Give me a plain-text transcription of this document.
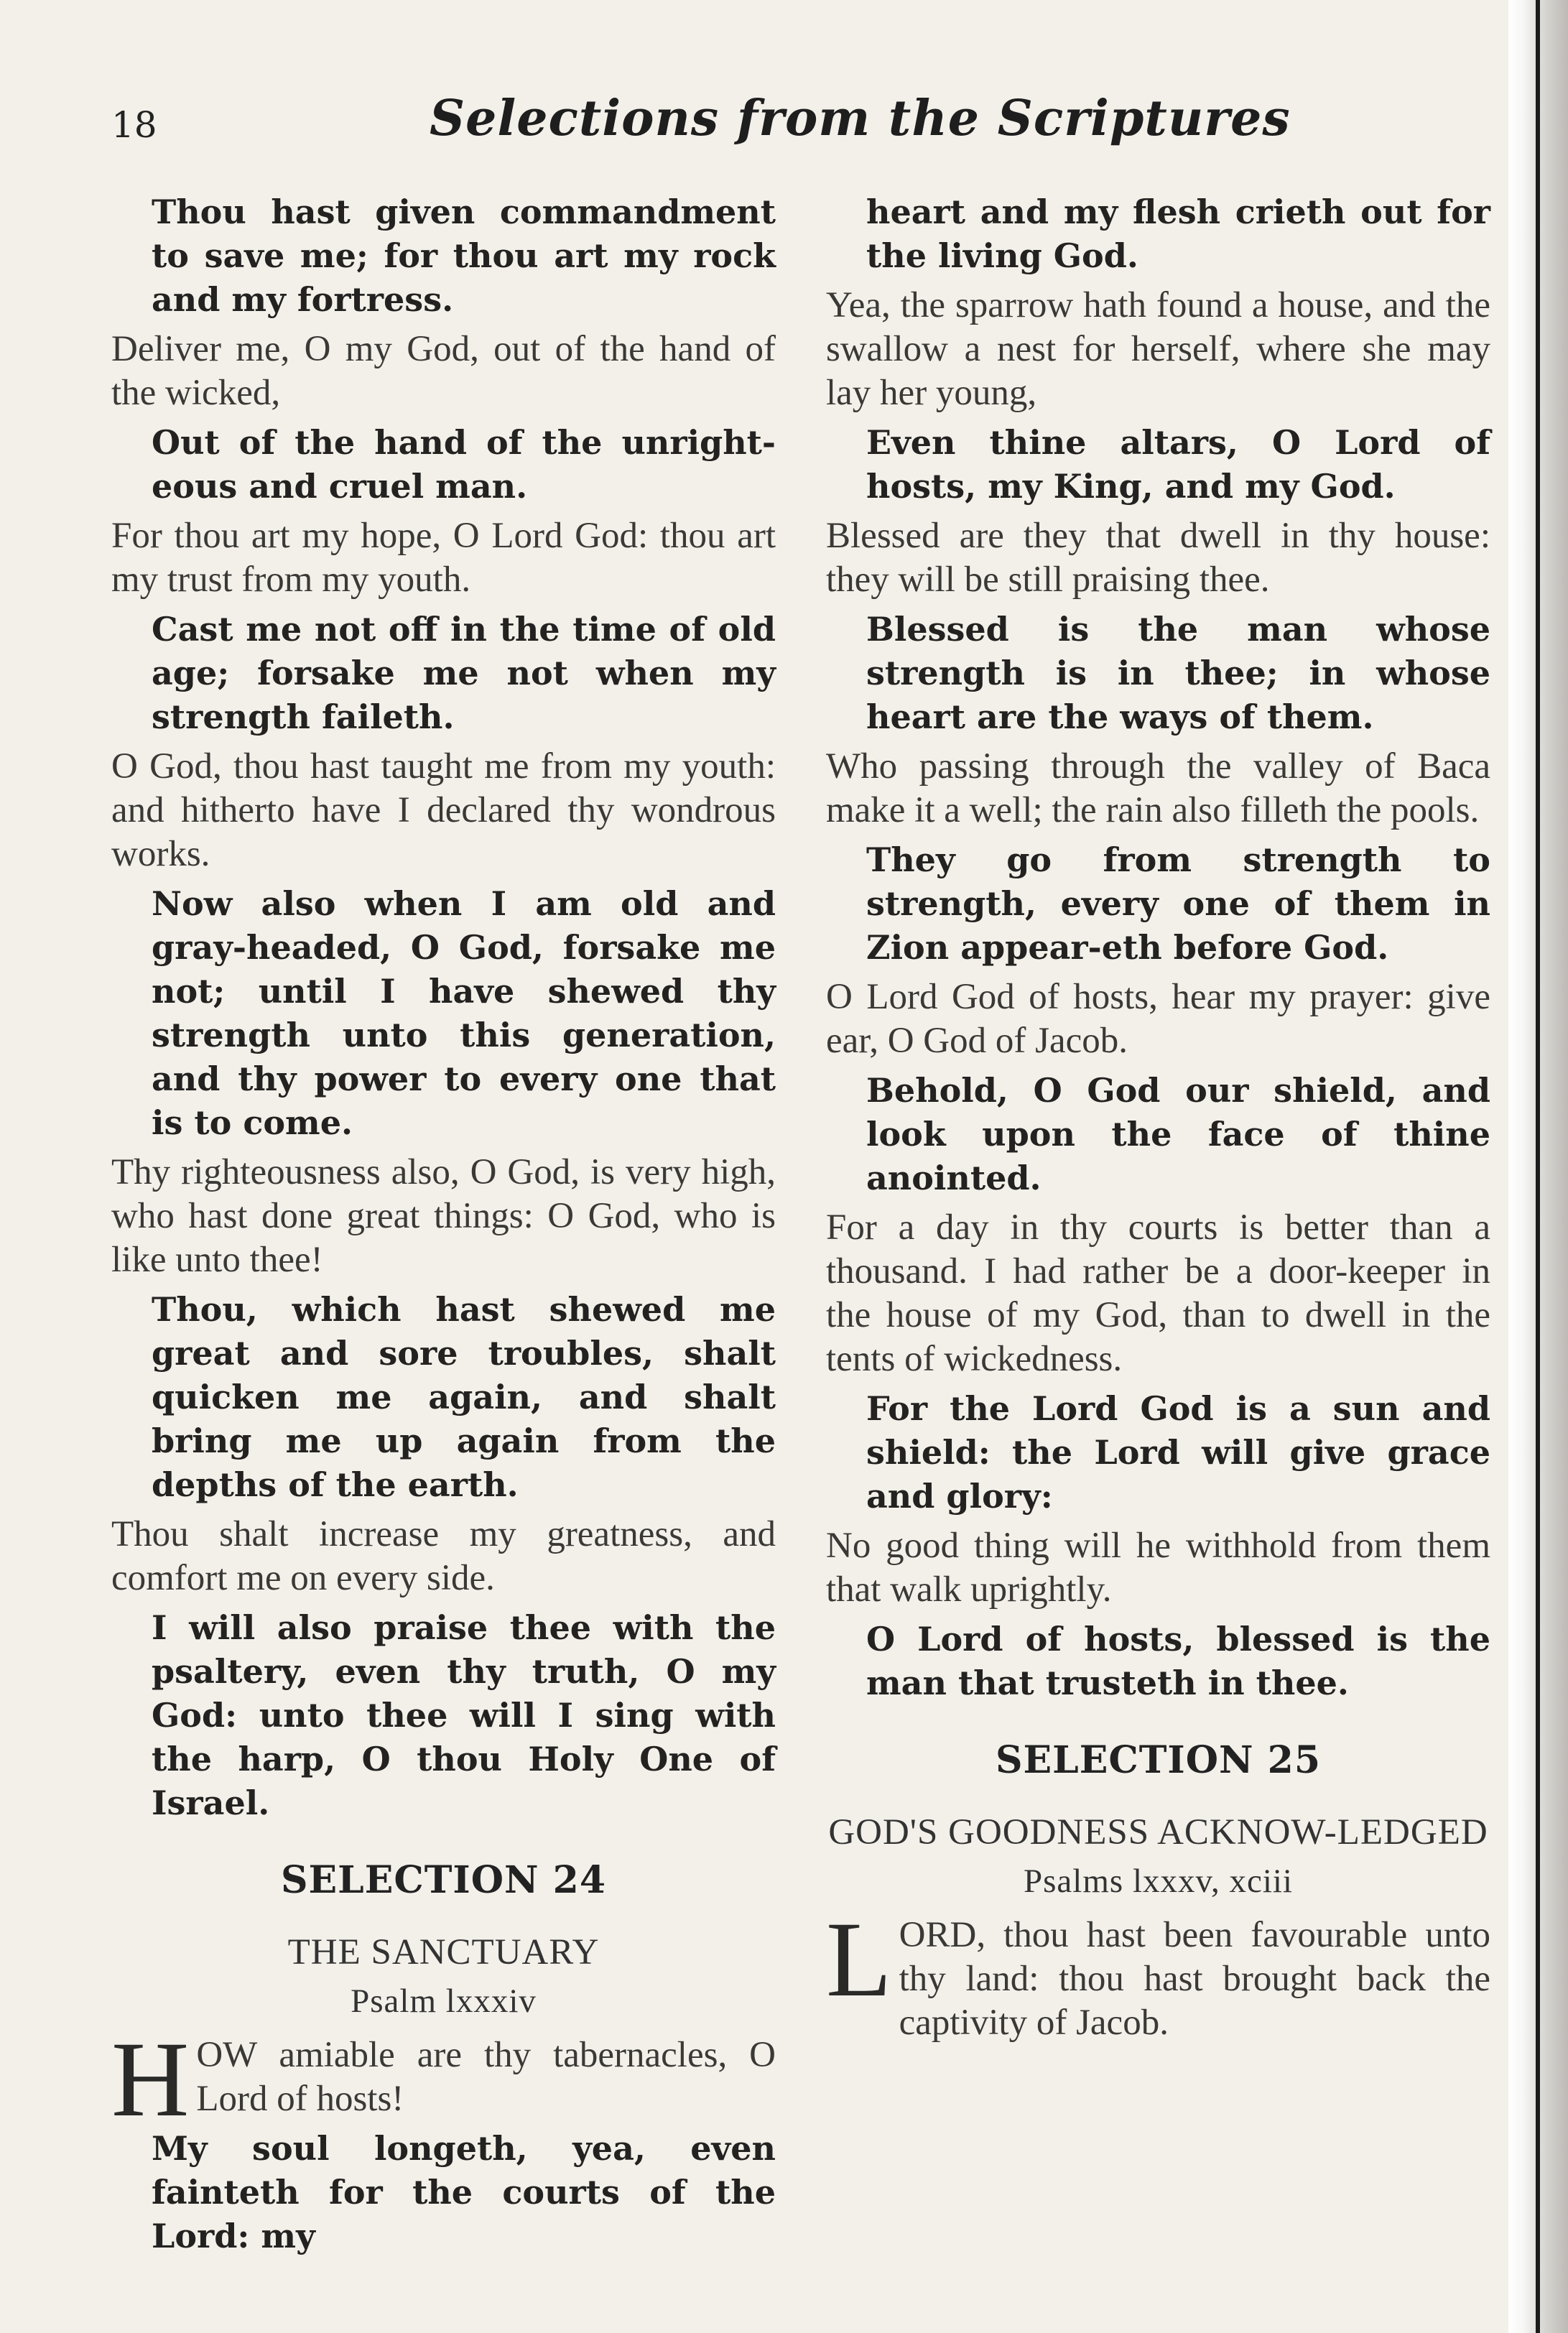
18	Selections from the Scriptures

Thou hast given commandment to save me; for thou art my rock and my fortress.

Deliver me, O my God, out of the hand of the wicked,

Out of the hand of the unright-eous and cruel man.

For thou art my hope, O Lord God: thou art my trust from my youth.

Cast me not off in the time of old age; forsake me not when my strength faileth.

O God, thou hast taught me from my youth: and hitherto have I declared thy wondrous works.

Now also when I am old and gray-headed, O God, forsake me not; until I have shewed thy strength unto this generation, and thy power to every one that is to come.

Thy righteousness also, O God, is very high, who hast done great things: O God, who is like unto thee!

Thou, which hast shewed me great and sore troubles, shalt quicken me again, and shalt bring me up again from the depths of the earth.

Thou shalt increase my greatness, and comfort me on every side.

I will also praise thee with the psaltery, even thy truth, O my God: unto thee will I sing with the harp, O thou Holy One of Israel.

SELECTION 24
THE SANCTUARY
Psalm lxxxiv

H OW amiable are thy tabernacles, O Lord of hosts!

My soul longeth, yea, even fainteth for the courts of the Lord: my

heart and my flesh crieth out for the living God.

Yea, the sparrow hath found a house, and the swallow a nest for herself, where she may lay her young,

Even thine altars, O Lord of hosts, my King, and my God.

Blessed are they that dwell in thy house: they will be still praising thee.

Blessed is the man whose strength is in thee; in whose heart are the ways of them.

Who passing through the valley of Baca make it a well; the rain also filleth the pools.

They go from strength to strength, every one of them in Zion appear-eth before God.

O Lord God of hosts, hear my prayer: give ear, O God of Jacob.

Behold, O God our shield, and look upon the face of thine anointed.

For a day in thy courts is better than a thousand. I had rather be a door-keeper in the house of my God, than to dwell in the tents of wickedness.

For the Lord God is a sun and shield: the Lord will give grace and glory:

No good thing will he withhold from them that walk uprightly.

O Lord of hosts, blessed is the man that trusteth in thee.

SELECTION 25
GOD'S GOODNESS ACKNOW-LEDGED
Psalms lxxxv, xciii

L ORD, thou hast been favourable unto thy land: thou hast brought back the captivity of Jacob.
